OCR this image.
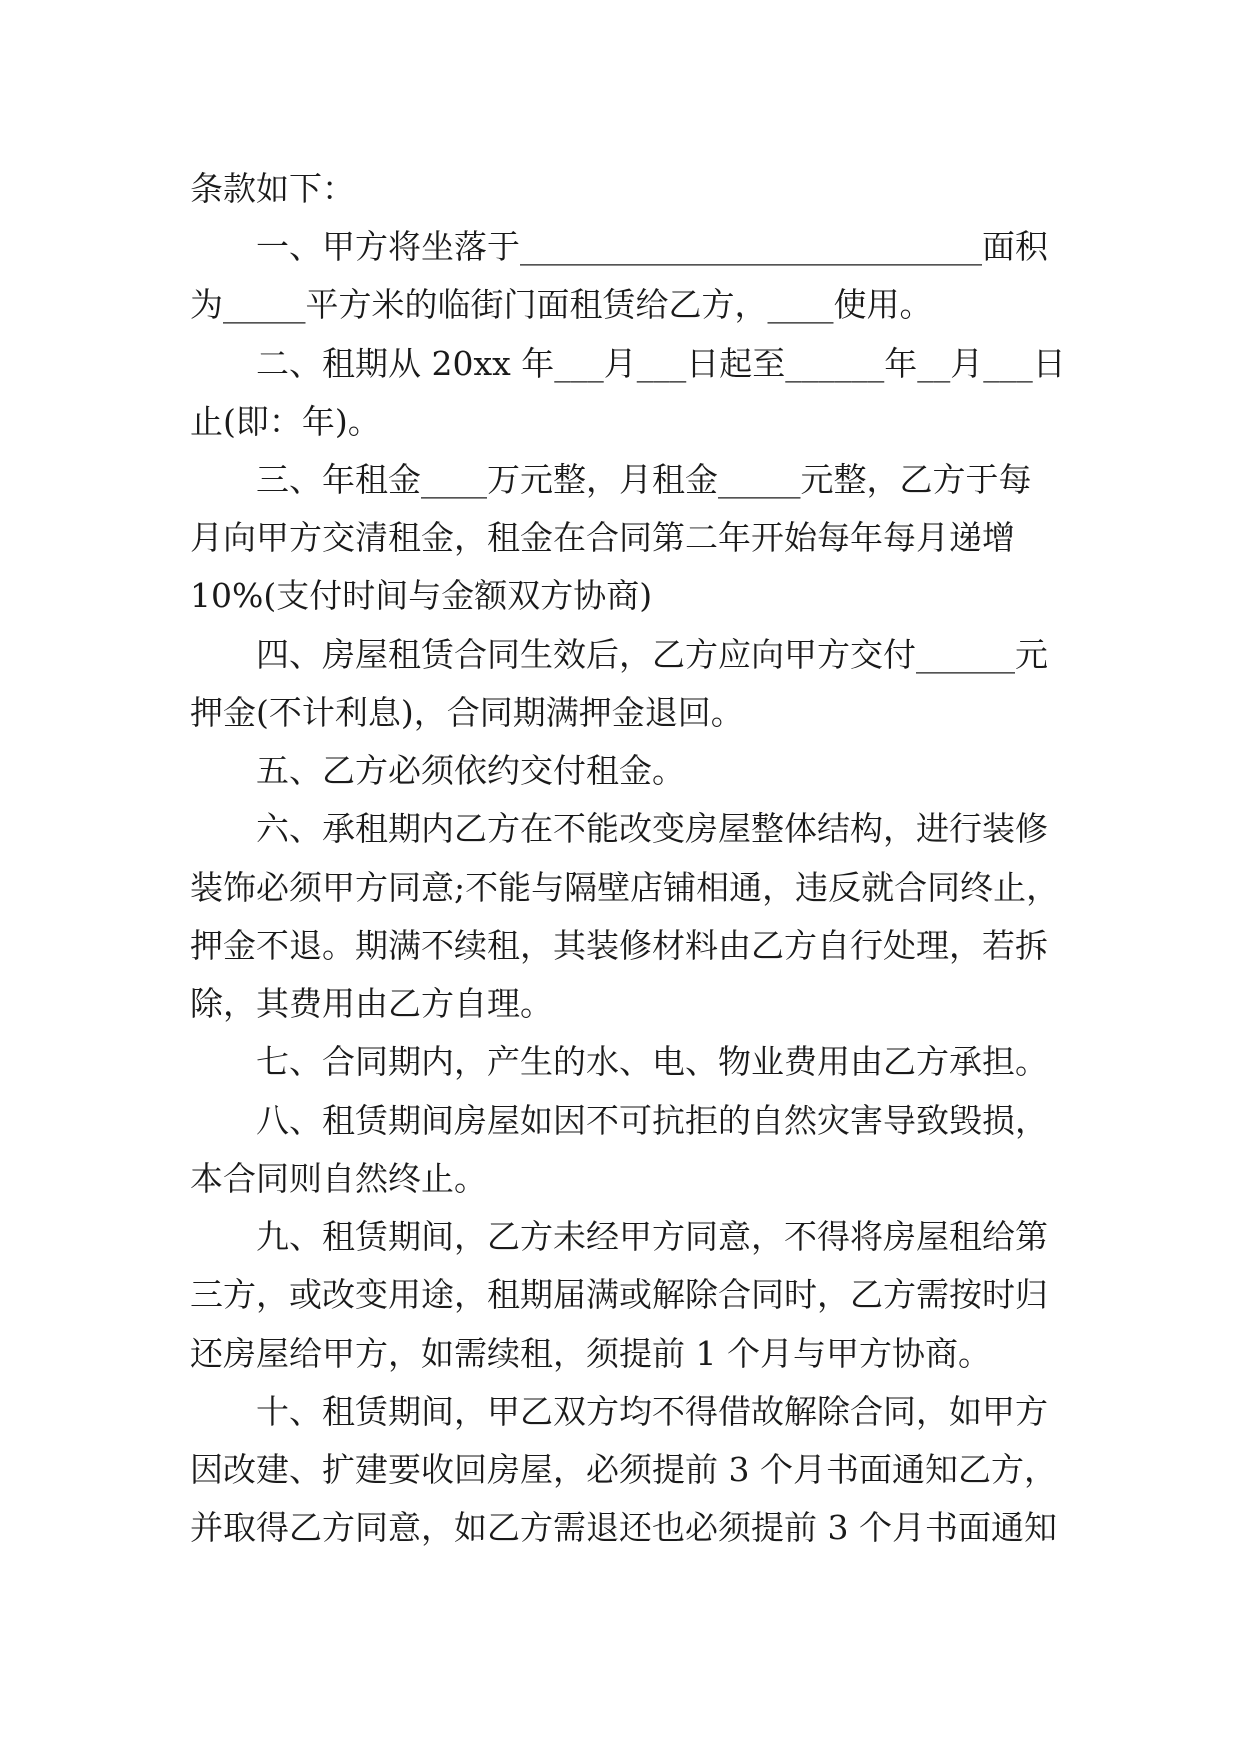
条款如下：
一、甲方将坐落于____________________________面积
为_____平方米的临街门面租赁给乙方，____使用。
二、租期从 20xx 年___月___日起至______年__月___日
止(即：年)。
三、年租金____万元整，月租金_____元整，乙方于每
月向甲方交清租金，租金在合同第二年开始每年每月递增
10%(支付时间与金额双方协商)
四、房屋租赁合同生效后，乙方应向甲方交付______元
押金(不计利息)，合同期满押金退回。
五、乙方必须依约交付租金。
六、承租期内乙方在不能改变房屋整体结构，进行装修
装饰必须甲方同意;不能与隔壁店铺相通，违反就合同终止，
押金不退。期满不续租，其装修材料由乙方自行处理，若拆
除，其费用由乙方自理。
七、合同期内，产生的水、电、物业费用由乙方承担。
八、租赁期间房屋如因不可抗拒的自然灾害导致毁损，
本合同则自然终止。
九、租赁期间，乙方未经甲方同意，不得将房屋租给第
三方，或改变用途，租期届满或解除合同时，乙方需按时归
还房屋给甲方，如需续租，须提前 1 个月与甲方协商。
十、租赁期间，甲乙双方均不得借故解除合同，如甲方
因改建、扩建要收回房屋，必须提前 3 个月书面通知乙方，
并取得乙方同意，如乙方需退还也必须提前 3 个月书面通知
